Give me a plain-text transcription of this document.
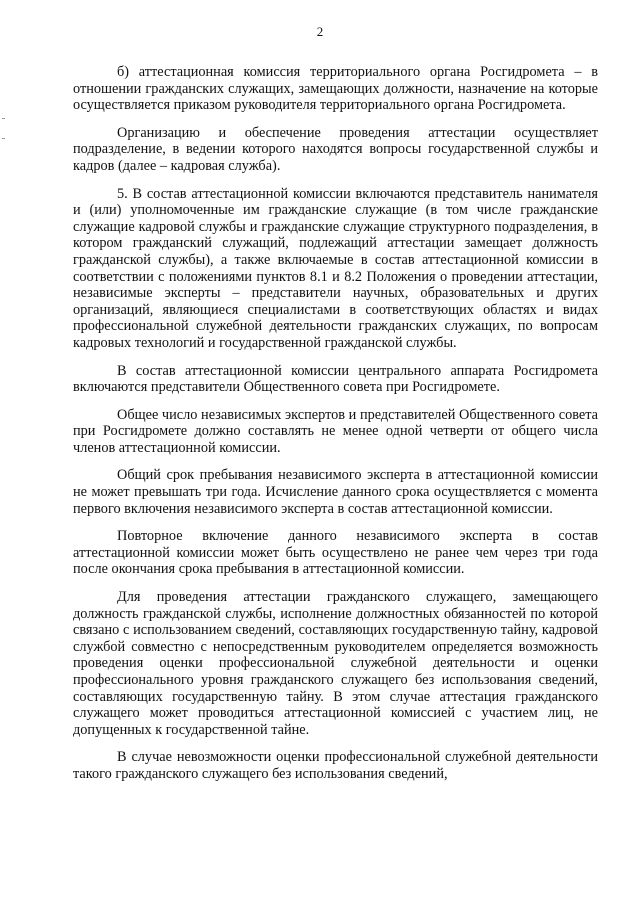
2

б) аттестационная комиссия территориального органа Росгидромета – в отношении гражданских служащих, замещающих должности, назначение на которые осуществляется приказом руководителя территориального органа Росгидромета.

Организацию и обеспечение проведения аттестации осуществляет подразделение, в ведении которого находятся вопросы государственной службы и кадров (далее – кадровая служба).

5. В состав аттестационной комиссии включаются представитель нанимателя и (или) уполномоченные им гражданские служащие (в том числе гражданские служащие кадровой службы и гражданские служащие структурного подразделения, в котором гражданский служащий, подлежащий аттестации замещает должность гражданской службы), а также включаемые в состав аттестационной комиссии в соответствии с положениями пунктов 8.1 и 8.2 Положения о проведении аттестации, независимые эксперты – представители научных, образовательных и других организаций, являющиеся специалистами в соответствующих областях и видах профессиональной служебной деятельности гражданских служащих, по вопросам кадровых технологий и государственной гражданской службы.

В состав аттестационной комиссии центрального аппарата Росгидромета включаются представители Общественного совета при Росгидромете.

Общее число независимых экспертов и представителей Общественного совета при Росгидромете должно составлять не менее одной четверти от общего числа членов аттестационной комиссии.

Общий срок пребывания независимого эксперта в аттестационной комиссии не может превышать три года. Исчисление данного срока осуществляется с момента первого включения независимого эксперта в состав аттестационной комиссии.

Повторное включение данного независимого эксперта в состав аттестационной комиссии может быть осуществлено не ранее чем через три года после окончания срока пребывания в аттестационной комиссии.

Для проведения аттестации гражданского служащего, замещающего должность гражданской службы, исполнение должностных обязанностей по которой связано с использованием сведений, составляющих государственную тайну, кадровой службой совместно с непосредственным руководителем определяется возможность проведения оценки профессиональной служебной деятельности и оценки профессионального уровня гражданского служащего без использования сведений, составляющих государственную тайну. В этом случае аттестация гражданского служащего может проводиться аттестационной комиссией с участием лиц, не допущенных к государственной тайне.

В случае невозможности оценки профессиональной служебной деятельности такого гражданского служащего без использования сведений,
